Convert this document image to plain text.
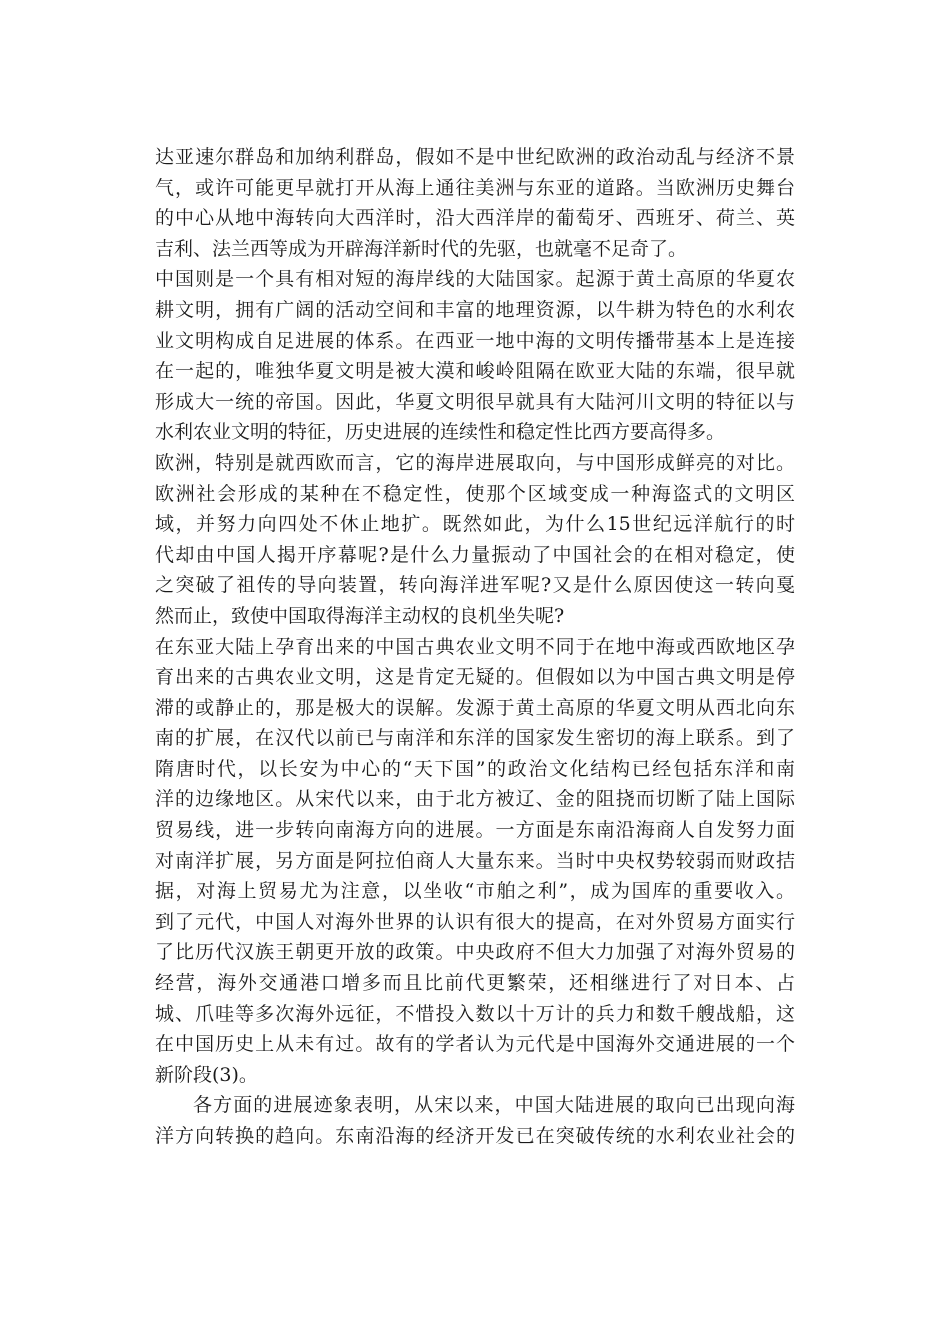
达亚速尔群岛和加纳利群岛，假如不是中世纪欧洲的政治动乱与经济不景
气，或许可能更早就打开从海上通往美洲与东亚的道路。当欧洲历史舞台
的中心从地中海转向大西洋时，沿大西洋岸的葡萄牙、西班牙、荷兰、英
吉利、法兰西等成为开辟海洋新时代的先驱，也就毫不足奇了。
中国则是一个具有相对短的海岸线的大陆国家。起源于黄土高原的华夏农
耕文明，拥有广阔的活动空间和丰富的地理资源，以牛耕为特色的水利农
业文明构成自足进展的体系。在西亚一地中海的文明传播带基本上是连接
在一起的，唯独华夏文明是被大漠和峻岭阻隔在欧亚大陆的东端，很早就
形成大一统的帝国。因此，华夏文明很早就具有大陆河川文明的特征以与
水利农业文明的特征，历史进展的连续性和稳定性比西方要高得多。
欧洲，特别是就西欧而言，它的海岸进展取向，与中国形成鲜亮的对比。
欧洲社会形成的某种在不稳定性，使那个区域变成一种海盗式的文明区
域，并努力向四处不休止地扩。既然如此，为什么15世纪远洋航行的时
代却由中国人揭开序幕呢?是什么力量振动了中国社会的在相对稳定，使
之突破了祖传的导向装置，转向海洋进军呢?又是什么原因使这一转向戛
然而止，致使中国取得海洋主动权的良机坐失呢?
在东亚大陆上孕育出来的中国古典农业文明不同于在地中海或西欧地区孕
育出来的古典农业文明，这是肯定无疑的。但假如以为中国古典文明是停
滞的或静止的，那是极大的误解。发源于黄土高原的华夏文明从西北向东
南的扩展，在汉代以前已与南洋和东洋的国家发生密切的海上联系。到了
隋唐时代，以长安为中心的“天下国”的政治文化结构已经包括东洋和南
洋的边缘地区。从宋代以来，由于北方被辽、金的阻挠而切断了陆上国际
贸易线，进一步转向南海方向的进展。一方面是东南沿海商人自发努力面
对南洋扩展，另方面是阿拉伯商人大量东来。当时中央权势较弱而财政拮
据，对海上贸易尤为注意，以坐收“市舶之利”，成为国库的重要收入。
到了元代，中国人对海外世界的认识有很大的提高，在对外贸易方面实行
了比历代汉族王朝更开放的政策。中央政府不但大力加强了对海外贸易的
经营，海外交通港口增多而且比前代更繁荣，还相继进行了对日本、占
城、爪哇等多次海外远征，不惜投入数以十万计的兵力和数千艘战船，这
在中国历史上从未有过。故有的学者认为元代是中国海外交通进展的一个
新阶段(3)。
各方面的进展迹象表明，从宋以来，中国大陆进展的取向已出现向海
洋方向转换的趋向。东南沿海的经济开发已在突破传统的水利农业社会的
